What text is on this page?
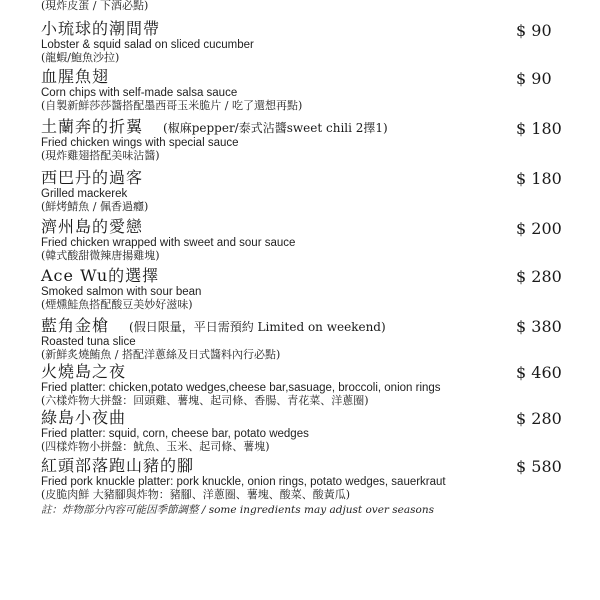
(現炸皮蛋 / 下酒必點)
小琉球的潮間帶
Lobster & squid salad on sliced cucumber
(龍蝦/鮑魚沙拉)
$ 90
血腥魚翅
Corn chips with self-made salsa sauce
(自製新鮮莎莎醬搭配墨西哥玉米脆片 / 吃了還想再點)
$ 90
土蘭奔的折翼 (椒麻pepper/泰式沾醬sweet chili 2擇1)
Fried chicken wings with special sauce
(現炸雞翅搭配美味沾醬)
$ 180
西巴丹的過客
Grilled mackerek
(鮮烤鯖魚 / 佩香過癮)
$ 180
濟州島的愛戀
Fried chicken wrapped with sweet and sour sauce
(韓式酸甜微辣唐揚雞塊)
$ 200
Ace Wu的選擇
Smoked salmon with sour bean
(煙燻鮭魚搭配酸豆美妙好滋味)
$ 280
藍角金槍 (假日限量，平日需預約 Limited on weekend)
Roasted tuna slice
(新鮮炙燒鮪魚 / 搭配洋蔥絲及日式醬料內行必點)
$ 380
火燒島之夜
Fried platter: chicken,potato wedges,cheese bar,sasuage, broccoli, onion rings
(六樣炸物大拼盤：回頭雞、薯塊、起司條、香腸、青花菜、洋蔥圈)
$ 460
綠島小夜曲
Fried platter: squid, corn, cheese bar, potato wedges
(四樣炸物小拼盤：魷魚、玉米、起司條、薯塊)
$ 280
紅頭部落跑山豬的腳
Fried pork knuckle platter: pork knuckle, onion rings, potato wedges, sauerkraut
(皮脆肉鮮 大豬腳與炸物：豬腳、洋蔥圈、薯塊、酸菜、酸黃瓜)
$ 580
註：炸物部分內容可能因季節調整 / some ingredients may adjust over seasons
